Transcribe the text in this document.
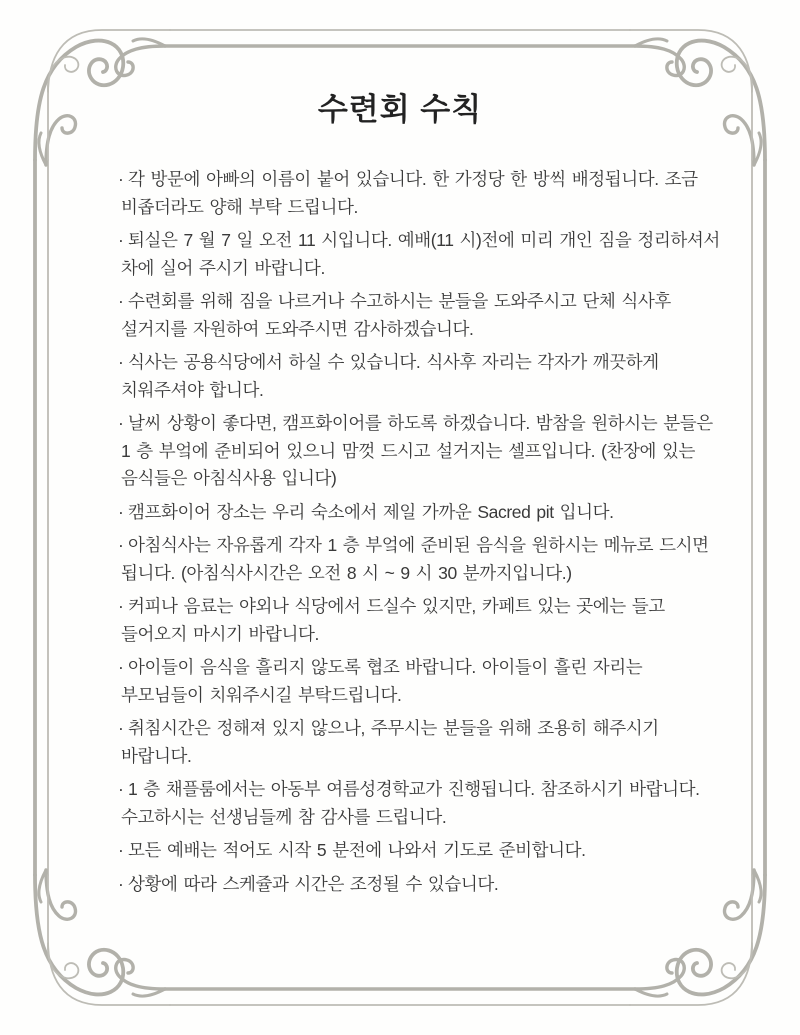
수련회 수칙
· 각 방문에 아빠의 이름이 붙어 있습니다. 한 가정당 한 방씩 배정됩니다. 조금
비좁더라도 양해 부탁 드립니다.
· 퇴실은 7 월 7 일 오전 11 시입니다. 예배(11 시)전에 미리 개인 짐을 정리하셔서
차에 실어 주시기 바랍니다.
· 수련회를 위해 짐을 나르거나 수고하시는 분들을 도와주시고 단체 식사후
설거지를 자원하여 도와주시면 감사하겠습니다.
· 식사는 공용식당에서 하실 수 있습니다. 식사후 자리는 각자가 깨끗하게
치워주셔야 합니다.
· 날씨 상황이 좋다면, 캠프화이어를 하도록 하겠습니다. 밤참을 원하시는 분들은
1 층 부엌에 준비되어 있으니 맘껏 드시고 설거지는 셀프입니다. (찬장에 있는
음식들은 아침식사용 입니다)
· 캠프화이어 장소는 우리 숙소에서 제일 가까운 Sacred pit 입니다.
· 아침식사는 자유롭게 각자 1 층 부엌에 준비된 음식을 원하시는 메뉴로 드시면
됩니다. (아침식사시간은 오전 8 시 ~ 9 시 30 분까지입니다.)
· 커피나 음료는 야외나 식당에서 드실수 있지만, 카페트 있는 곳에는 들고
들어오지 마시기 바랍니다.
· 아이들이 음식을 흘리지 않도록 협조 바랍니다. 아이들이 흘린 자리는
부모님들이 치워주시길 부탁드립니다.
· 취침시간은 정해져 있지 않으나, 주무시는 분들을 위해 조용히 해주시기
바랍니다.
· 1 층 채플룸에서는 아동부 여름성경학교가 진행됩니다. 참조하시기 바랍니다.
수고하시는 선생님들께 참 감사를 드립니다.
· 모든 예배는 적어도 시작 5 분전에 나와서 기도로 준비합니다.
· 상황에 따라 스케쥴과 시간은 조정될 수 있습니다.
